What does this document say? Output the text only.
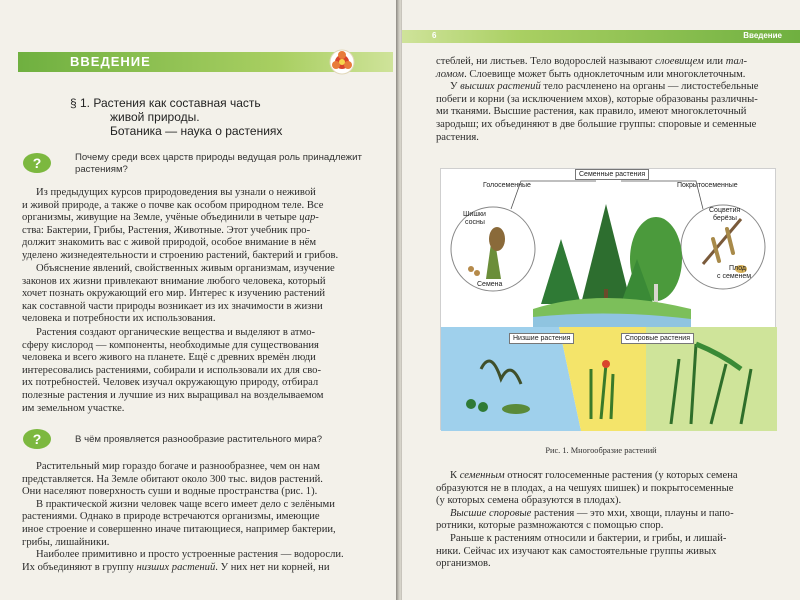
ВВЕДЕНИЕ
§ 1. Растения как составная часть
живой природы.
Ботаника — наука о растениях
?	Почему среди всех царств природы ведущая роль принадлежит
растениям?
Из предыдущих курсов природоведения вы узнали о неживой
и живой природе, а также о почве как особом природном теле. Все
организмы, живущие на Земле, учёные объединили в четыре цар-
ства: Бактерии, Грибы, Растения, Животные. Этот учебник про-
должит знакомить вас с живой природой, особое внимание в нём
уделено жизнедеятельности и строению растений, бактерий и грибов.
Объяснение явлений, свойственных живым организмам, изучение
законов их жизни привлекают внимание любого человека, который
хочет познать окружающий его мир. Интерес к изучению растений
как составной части природы возникает из их значимости в жизни
человека и потребности их использования.
Растения создают органические вещества и выделяют в атмо-
сферу кислород — компоненты, необходимые для существования
человека и всего живого на планете. Ещё с древних времён люди
интересовались растениями, собирали и использовали их для сво-
их потребностей. Человек изучал окружающую природу, отбирал
полезные растения и лучшие из них выращивал на возделываемом
им земельном участке.
?	В чём проявляется разнообразие растительного мира?
Растительный мир гораздо богаче и разнообразнее, чем он нам
представляется. На Земле обитают около 300 тыс. видов растений.
Они населяют поверхность суши и водные пространства (рис. 1).
В практической жизни человек чаще всего имеет дело с зелёными
растениями. Однако в природе встречаются организмы, имеющие
иное строение и совершенно иначе питающиеся, например бактерии,
грибы, лишайники.
Наиболее примитивно и просто устроенные растения — водоросли.
Их объединяют в группу низших растений. У них нет ни корней, ни
6	Введение
стеблей, ни листьев. Тело водорослей называют слоевищем или тал-
ломом. Слоевище может быть одноклеточным или многоклеточным.
У высших растений тело расчленено на органы — листостебельные
побеги и корни (за исключением мхов), которые образованы различны-
ми тканями. Высшие растения, как правило, имеют многоклеточный
зародыш; их объединяют в две большие группы: споровые и семенные
растения.
Семенные растения
Голосеменные	Покрытосеменные
Шишки
сосны
Семена
Соцветия
берёзы
Плод
с семенем
Низшие растения	Споровые растения
Рис. 1. Многообразие растений
К семенным относят голосеменные растения (у которых семена
образуются не в плодах, а на чешуях шишек) и покрытосеменные
(у которых семена образуются в плодах).
Высшие споровые растения — это мхи, хвощи, плауны и папо-
ротники, которые размножаются с помощью спор.
Раньше к растениям относили и бактерии, и грибы, и лишай-
ники. Сейчас их изучают как самостоятельные группы живых
организмов.
